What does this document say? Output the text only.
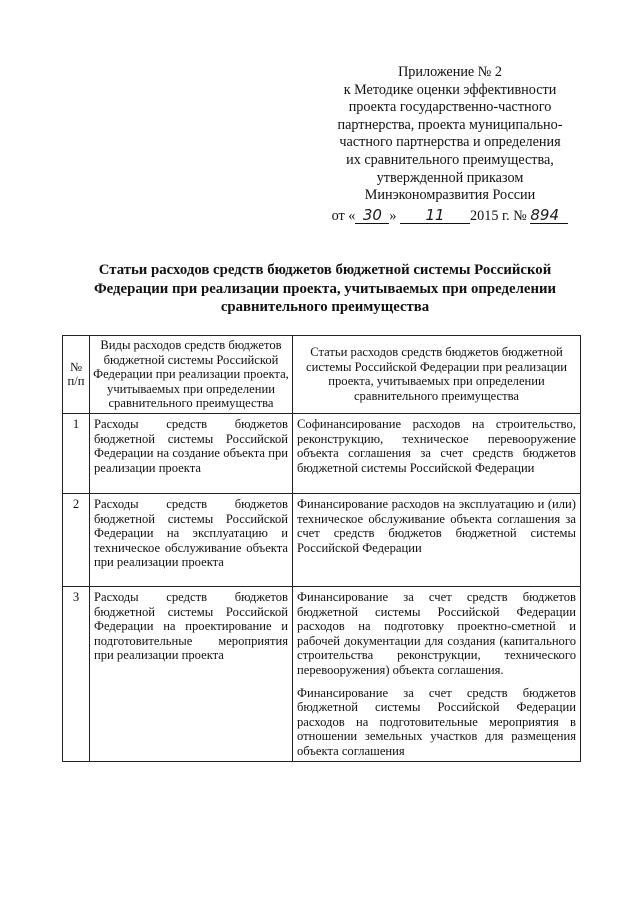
Приложение № 2
к Методике оценки эффективности
проекта государственно-частного
партнерства, проекта муниципально-
частного партнерства и определения
их сравнительного преимущества,
утвержденной приказом
Минэкономразвития России
от « 30 » 11 2015 г. № 894
Статьи расходов средств бюджетов бюджетной системы Российской
Федерации при реализации проекта, учитываемых при определении
сравнительного преимущества
№ п/п	Виды расходов средств бюджетов бюджетной системы Российской Федерации при реализации проекта, учитываемых при определении сравнительного преимущества	Статьи расходов средств бюджетов бюджетной системы Российской Федерации при реализации проекта, учитываемых при определении сравнительного преимущества
1	Расходы средств бюджетов бюджетной системы Российской Федерации на создание объекта при реализации проекта	Софинансирование расходов на строительство, реконструкцию, техническое перевооружение объекта соглашения за счет средств бюджетов бюджетной системы Российской Федерации

2	Расходы средств бюджетов бюджетной системы Российской Федерации на эксплуатацию и техническое обслуживание объекта при реализации проекта	Финансирование расходов на эксплуатацию и (или) техническое обслуживание объекта соглашения за счет средств бюджетов бюджетной системы Российской Федерации

3	Расходы средств бюджетов бюджетной системы Российской Федерации на проектирование и подготовительные мероприятия при реализации проекта	Финансирование за счет средств бюджетов бюджетной системы Российской Федерации расходов на подготовку проектно-сметной и рабочей документации для создания (капитального строительства реконструкции, технического перевооружения) объекта соглашения.

Финансирование за счет средств бюджетов бюджетной системы Российской Федерации расходов на подготовительные мероприятия в отношении земельных участков для размещения объекта соглашения
